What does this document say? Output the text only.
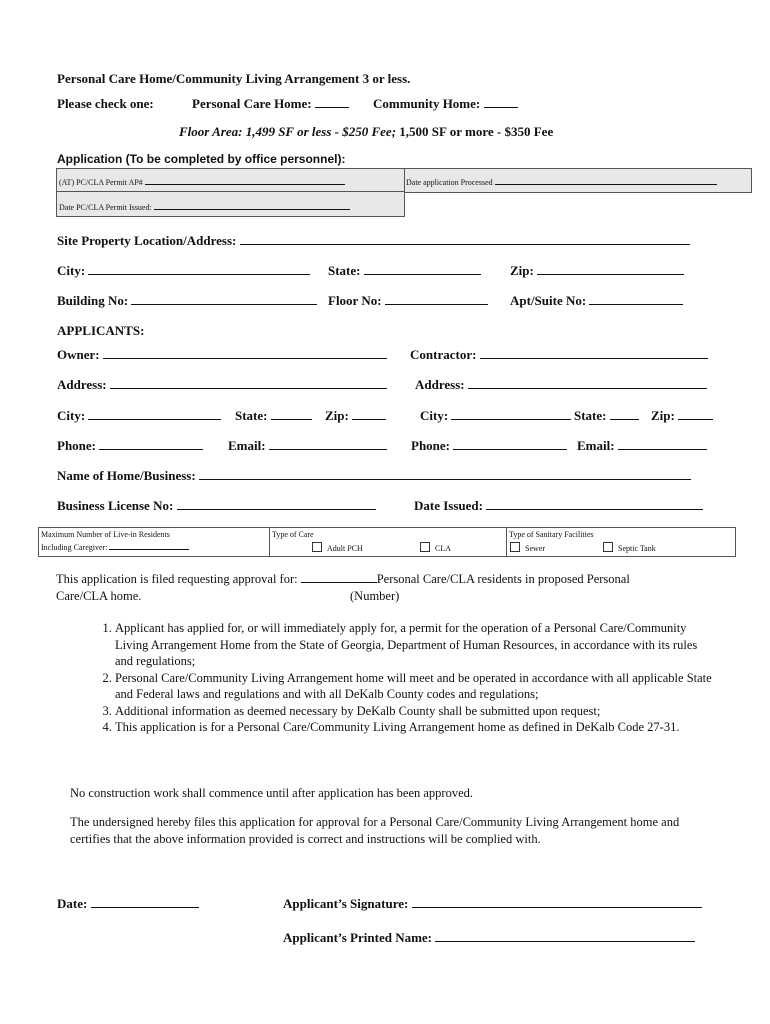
Personal Care Home/Community Living Arrangement 3 or less.
Please check one:	Personal Care Home:	Community Home:
Floor Area: 1,499 SF or less - $250 Fee; 1,500 SF or more - $350 Fee
Application (To be completed by office personnel):
(AT) PC/CLA Permit AP#	Date application Processed
Date PC/CLA Permit Issued:
Site Property Location/Address:
City:	State:	Zip:
Building No:	Floor No:	Apt/Suite No:
APPLICANTS:
Owner:	Contractor:
Address:	Address:
City:	State:	Zip:	City:	State:	Zip:
Phone:	Email:	Phone:	Email:
Name of Home/Business:
Business License No:	Date Issued:
Maximum Number of Live-in Residents
Including Caregiver:
Type of Care
Adult PCH	CLA
Type of Sanitary Facilities
Sewer	Septic Tank
This application is filed requesting approval for:	Personal Care/CLA residents in proposed Personal
Care/CLA home.	(Number)
1. Applicant has applied for, or will immediately apply for, a permit for the operation of a Personal Care/Community Living Arrangement Home from the State of Georgia, Department of Human Resources, in accordance with its rules and regulations;
2. Personal Care/Community Living Arrangement home will meet and be operated in accordance with all applicable State and Federal laws and regulations and with all DeKalb County codes and regulations;
3. Additional information as deemed necessary by DeKalb County shall be submitted upon request;
4. This application is for a Personal Care/Community Living Arrangement home as defined in DeKalb Code 27-31.
No construction work shall commence until after application has been approved.
The undersigned hereby files this application for approval for a Personal Care/Community Living Arrangement home and certifies that the above information provided is correct and instructions will be complied with.
Date:	Applicant’s Signature:
Applicant’s Printed Name:
